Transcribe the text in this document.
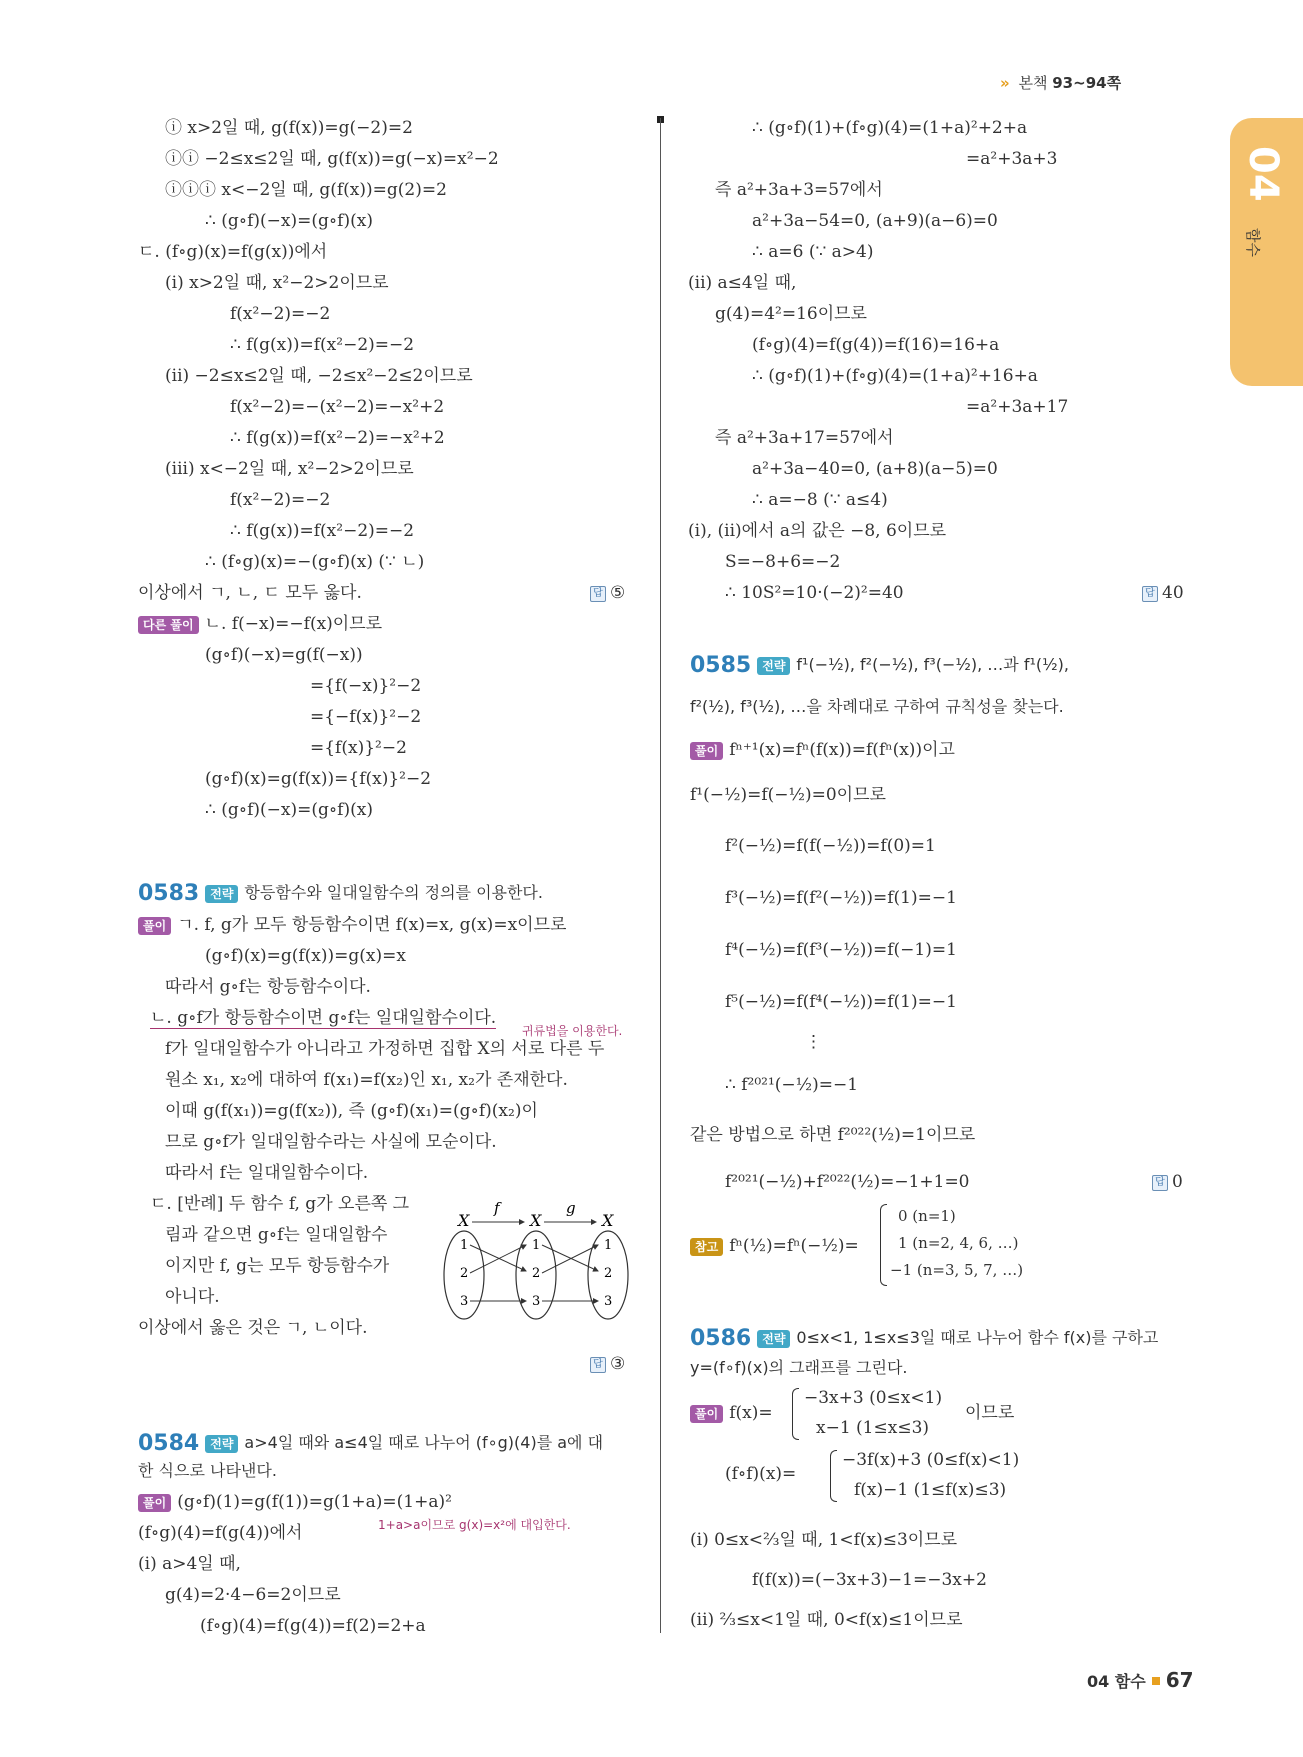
» 본책 93~94쪽
04
함수
ⓘ x>2일 때, g(f(x))=g(−2)=2
ⓘⓘ −2≤x≤2일 때, g(f(x))=g(−x)=x²−2
ⓘⓘⓘ x<−2일 때, g(f(x))=g(2)=2
∴ (g∘f)(−x)=(g∘f)(x)
ㄷ. (f∘g)(x)=f(g(x))에서
(i) x>2일 때, x²−2>2이므로
f(x²−2)=−2
∴ f(g(x))=f(x²−2)=−2
(ii) −2≤x≤2일 때, −2≤x²−2≤2이므로
f(x²−2)=−(x²−2)=−x²+2
∴ f(g(x))=f(x²−2)=−x²+2
(iii) x<−2일 때, x²−2>2이므로
f(x²−2)=−2
∴ f(g(x))=f(x²−2)=−2
∴ (f∘g)(x)=−(g∘f)(x) (∵ ㄴ)
이상에서 ㄱ, ㄴ, ㄷ 모두 옳다.	답 ⑤
다른 풀이 ㄴ. f(−x)=−f(x)이므로
(g∘f)(−x)=g(f(−x))
={f(−x)}²−2
={−f(x)}²−2
={f(x)}²−2
(g∘f)(x)=g(f(x))={f(x)}²−2
∴ (g∘f)(−x)=(g∘f)(x)
0583 전략 항등함수와 일대일함수의 정의를 이용한다.
풀이 ㄱ. f, g가 모두 항등함수이면 f(x)=x, g(x)=x이므로
(g∘f)(x)=g(f(x))=g(x)=x
따라서 g∘f는 항등함수이다.
ㄴ. g∘f가 항등함수이면 g∘f는 일대일함수이다.
귀류법을 이용한다.
f가 일대일함수가 아니라고 가정하면 집합 X의 서로 다른 두
원소 x₁, x₂에 대하여 f(x₁)=f(x₂)인 x₁, x₂가 존재한다.
이때 g(f(x₁))=g(f(x₂)), 즉 (g∘f)(x₁)=(g∘f)(x₂)이
므로 g∘f가 일대일함수라는 사실에 모순이다.
따라서 f는 일대일함수이다.
ㄷ. [반례] 두 함수 f, g가 오른쪽 그
림과 같으면 g∘f는 일대일함수
이지만 f, g는 모두 항등함수가
아니다.
이상에서 옳은 것은 ㄱ, ㄴ이다.
답 ③
X	X	X
f	g
1
2
3
1
2
3
1
2
3
0584 전략 a>4일 때와 a≤4일 때로 나누어 (f∘g)(4)를 a에 대
한 식으로 나타낸다.
풀이 (g∘f)(1)=g(f(1))=g(1+a)=(1+a)²
(f∘g)(4)=f(g(4))에서	1+a>a이므로 g(x)=x²에 대입한다.
(i) a>4일 때,
g(4)=2·4−6=2이므로
(f∘g)(4)=f(g(4))=f(2)=2+a
∴ (g∘f)(1)+(f∘g)(4)=(1+a)²+2+a
=a²+3a+3
즉 a²+3a+3=57에서
a²+3a−54=0, (a+9)(a−6)=0
∴ a=6 (∵ a>4)
(ii) a≤4일 때,
g(4)=4²=16이므로
(f∘g)(4)=f(g(4))=f(16)=16+a
∴ (g∘f)(1)+(f∘g)(4)=(1+a)²+16+a
=a²+3a+17
즉 a²+3a+17=57에서
a²+3a−40=0, (a+8)(a−5)=0
∴ a=−8 (∵ a≤4)
(i), (ii)에서 a의 값은 −8, 6이므로
S=−8+6=−2
∴ 10S²=10·(−2)²=40	답 40
0585 전략 f¹(−½), f²(−½), f³(−½), …과 f¹(½),
f²(½), f³(½), …을 차례대로 구하여 규칙성을 찾는다.
풀이 fⁿ⁺¹(x)=fⁿ(f(x))=f(fⁿ(x))이고
f¹(−½)=f(−½)=0이므로
f²(−½)=f(f(−½))=f(0)=1
f³(−½)=f(f²(−½))=f(1)=−1
f⁴(−½)=f(f³(−½))=f(−1)=1
f⁵(−½)=f(f⁴(−½))=f(1)=−1
⋮
∴ f²⁰²¹(−½)=−1
같은 방법으로 하면 f²⁰²²(½)=1이므로
f²⁰²¹(−½)+f²⁰²²(½)=−1+1=0	답 0
참고 fⁿ(½)=fⁿ(−½)=
0 (n=1)
1 (n=2, 4, 6, …)
−1 (n=3, 5, 7, …)
0586 전략 0≤x<1, 1≤x≤3일 때로 나누어 함수 f(x)를 구하고
y=(f∘f)(x)의 그래프를 그린다.
풀이 f(x)=
−3x+3 (0≤x<1)
x−1 (1≤x≤3)
이므로
(f∘f)(x)=
−3f(x)+3 (0≤f(x)<1)
f(x)−1 (1≤f(x)≤3)
(i) 0≤x<⅔일 때, 1<f(x)≤3이므로
f(f(x))=(−3x+3)−1=−3x+2
(ii) ⅔≤x<1일 때, 0<f(x)≤1이므로
04 함수 67
